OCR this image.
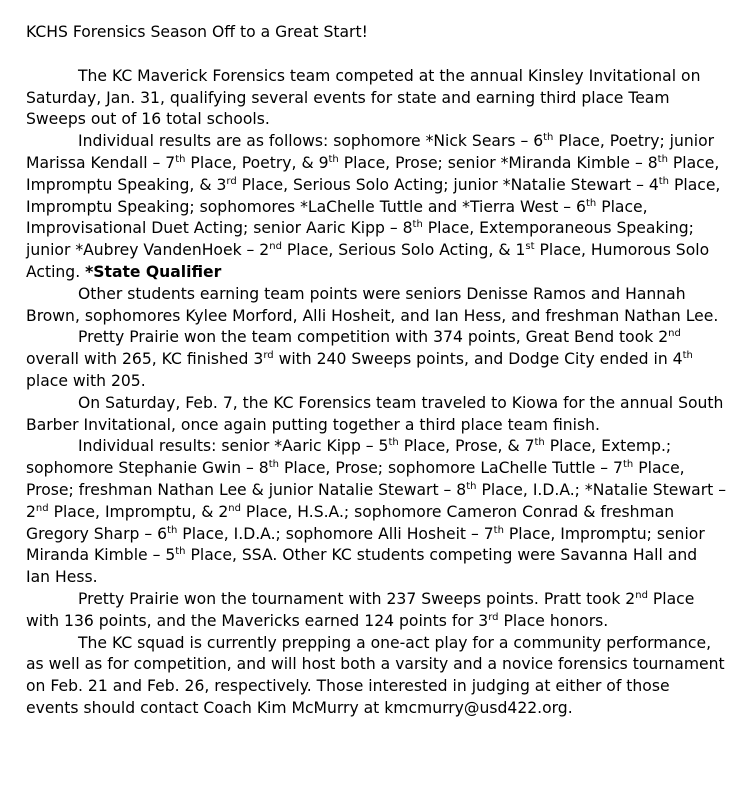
KCHS Forensics Season Off to a Great Start!

The KC Maverick Forensics team competed at the annual Kinsley Invitational on Saturday, Jan. 31, qualifying several events for state and earning third place Team Sweeps out of 16 total schools.

Individual results are as follows: sophomore *Nick Sears – 6th Place, Poetry; junior Marissa Kendall – 7th Place, Poetry, & 9th Place, Prose; senior *Miranda Kimble – 8th Place, Impromptu Speaking, & 3rd Place, Serious Solo Acting; junior *Natalie Stewart – 4th Place, Impromptu Speaking; sophomores *LaChelle Tuttle and *Tierra West – 6th Place, Improvisational Duet Acting; senior Aaric Kipp – 8th Place, Extemporaneous Speaking; junior *Aubrey VandenHoek – 2nd Place, Serious Solo Acting, & 1st Place, Humorous Solo Acting. *State Qualifier

Other students earning team points were seniors Denisse Ramos and Hannah Brown, sophomores Kylee Morford, Alli Hosheit, and Ian Hess, and freshman Nathan Lee.

Pretty Prairie won the team competition with 374 points, Great Bend took 2nd overall with 265, KC finished 3rd with 240 Sweeps points, and Dodge City ended in 4th place with 205.

On Saturday, Feb. 7, the KC Forensics team traveled to Kiowa for the annual South Barber Invitational, once again putting together a third place team finish.

Individual results: senior *Aaric Kipp – 5th Place, Prose, & 7th Place, Extemp.; sophomore Stephanie Gwin – 8th Place, Prose; sophomore LaChelle Tuttle – 7th Place, Prose; freshman Nathan Lee & junior Natalie Stewart – 8th Place, I.D.A.; *Natalie Stewart – 2nd Place, Impromptu, & 2nd Place, H.S.A.; sophomore Cameron Conrad & freshman Gregory Sharp – 6th Place, I.D.A.; sophomore Alli Hosheit – 7th Place, Impromptu; senior Miranda Kimble – 5th Place, SSA. Other KC students competing were Savanna Hall and Ian Hess.

Pretty Prairie won the tournament with 237 Sweeps points. Pratt took 2nd Place with 136 points, and the Mavericks earned 124 points for 3rd Place honors.

The KC squad is currently prepping a one-act play for a community performance, as well as for competition, and will host both a varsity and a novice forensics tournament on Feb. 21 and Feb. 26, respectively. Those interested in judging at either of those events should contact Coach Kim McMurry at kmcmurry@usd422.org.
